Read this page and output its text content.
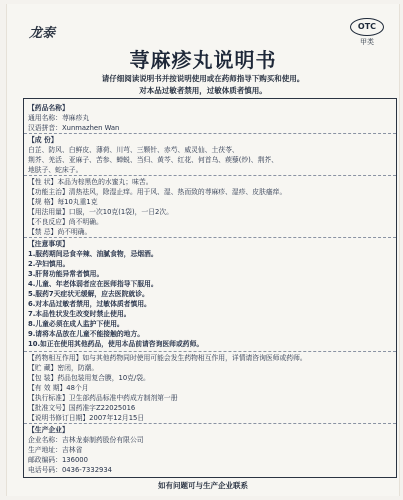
龙泰	OTC
甲类
荨麻疹丸说明书
请仔细阅读说明书并按说明使用或在药师指导下购买和使用。
对本品过敏者禁用，过敏体质者慎用。
【药品名称】
通用名称：荨麻疹丸
汉语拼音：Xunmazhen Wan
【成 份】
白芷、防风、白鲜皮、薄荷、川芎、三颗针、赤芍、威灵仙、土茯苓、
荆芥、羌活、亚麻子、苦参、蝉蜕、当归、黄芩、红花、何首乌、蒺藜(炒)、荆芥、
地肤子、蛇床子。
【性 状】本品为棕黑色的水蜜丸；味苦。
【功能主治】清热祛风，除湿止痒。用于风、湿、热而致的荨麻疹、湿疹、皮肤瘙痒。
【规 格】每10丸重1克
【用法用量】口服，一次10克(1袋)，一日2次。
【不良反应】尚不明确。
【禁 忌】尚不明确。
【注意事项】
1.服药期间忌食辛辣、油腻食物，忌烟酒。
2.孕妇慎用。
3.肝肾功能异常者慎用。
4.儿童、年老体弱者应在医师指导下服用。
5.服药7天症状无缓解，应去医院就诊。
6.对本品过敏者禁用，过敏体质者慎用。
7.本品性状发生改变时禁止使用。
8.儿童必须在成人监护下使用。
9.请将本品放在儿童不能接触的地方。
10.如正在使用其他药品，使用本品前请咨询医师或药师。
【药物相互作用】如与其他药物同时使用可能会发生药物相互作用，详情请咨询医师或药师。
【贮 藏】密闭，防潮。
【包 装】药品包装用复合膜，10克/袋。
【有 效 期】48个月
【执行标准】卫生部药品标准中药成方制剂第一册
【批准文号】国药准字Z22025016
【说明书修订日期】2007年12月15日
【生产企业】
企业名称：吉林龙泰制药股份有限公司
生产地址：吉林省
邮政编码：136000
电话号码：0436-7332934
如有问题可与生产企业联系
